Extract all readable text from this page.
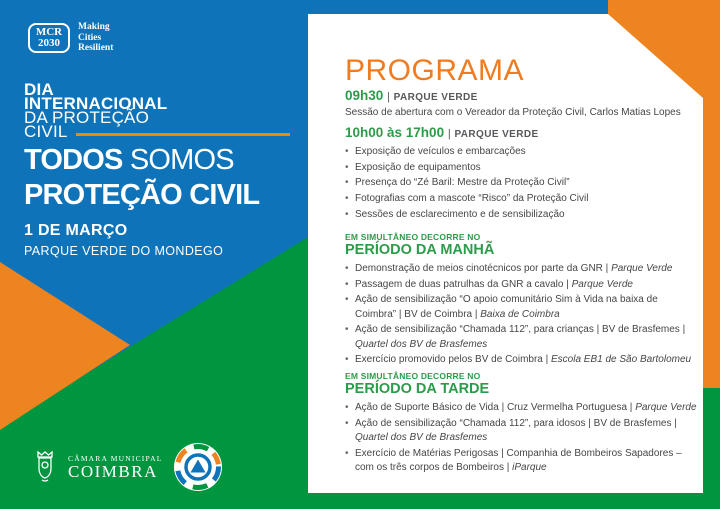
MCR
2030
Making
Cities
Resilient
DIA
INTERNACIONAL
DA PROTEÇÃO
CIVIL
TODOS SOMOS
PROTEÇÃO CIVIL
1 DE MARÇO
PARQUE VERDE DO MONDEGO
CÂMARA MUNICIPAL
COIMBRA
PROGRAMA
09h30 | PARQUE VERDE
Sessão de abertura com o Vereador da Proteção Civil, Carlos Matias Lopes
10h00 às 17h00 | PARQUE VERDE
• Exposição de veículos e embarcações
• Exposição de equipamentos
• Presença do “Zé Baril: Mestre da Proteção Civil”
• Fotografias com a mascote “Risco” da Proteção Civil
• Sessões de esclarecimento e de sensibilização
EM SIMULTÂNEO DECORRE NO
PERÍODO DA MANHÃ
• Demonstração de meios cinotécnicos por parte da GNR | Parque Verde
• Passagem de duas patrulhas da GNR a cavalo | Parque Verde
• Ação de sensibilização “O apoio comunitário Sim à Vida na baixa de Coimbra” | BV de Coimbra | Baixa de Coimbra
• Ação de sensibilização “Chamada 112”, para crianças | BV de Brasfemes | Quartel dos BV de Brasfemes
• Exercício promovido pelos BV de Coimbra | Escola EB1 de São Bartolomeu
EM SIMULTÂNEO DECORRE NO
PERÍODO DA TARDE
• Ação de Suporte Básico de Vida | Cruz Vermelha Portuguesa | Parque Verde
• Ação de sensibilização “Chamada 112”, para idosos | BV de Brasfemes | Quartel dos BV de Brasfemes
• Exercício de Matérias Perigosas | Companhia de Bombeiros Sapadores – com os três corpos de Bombeiros | iParque
